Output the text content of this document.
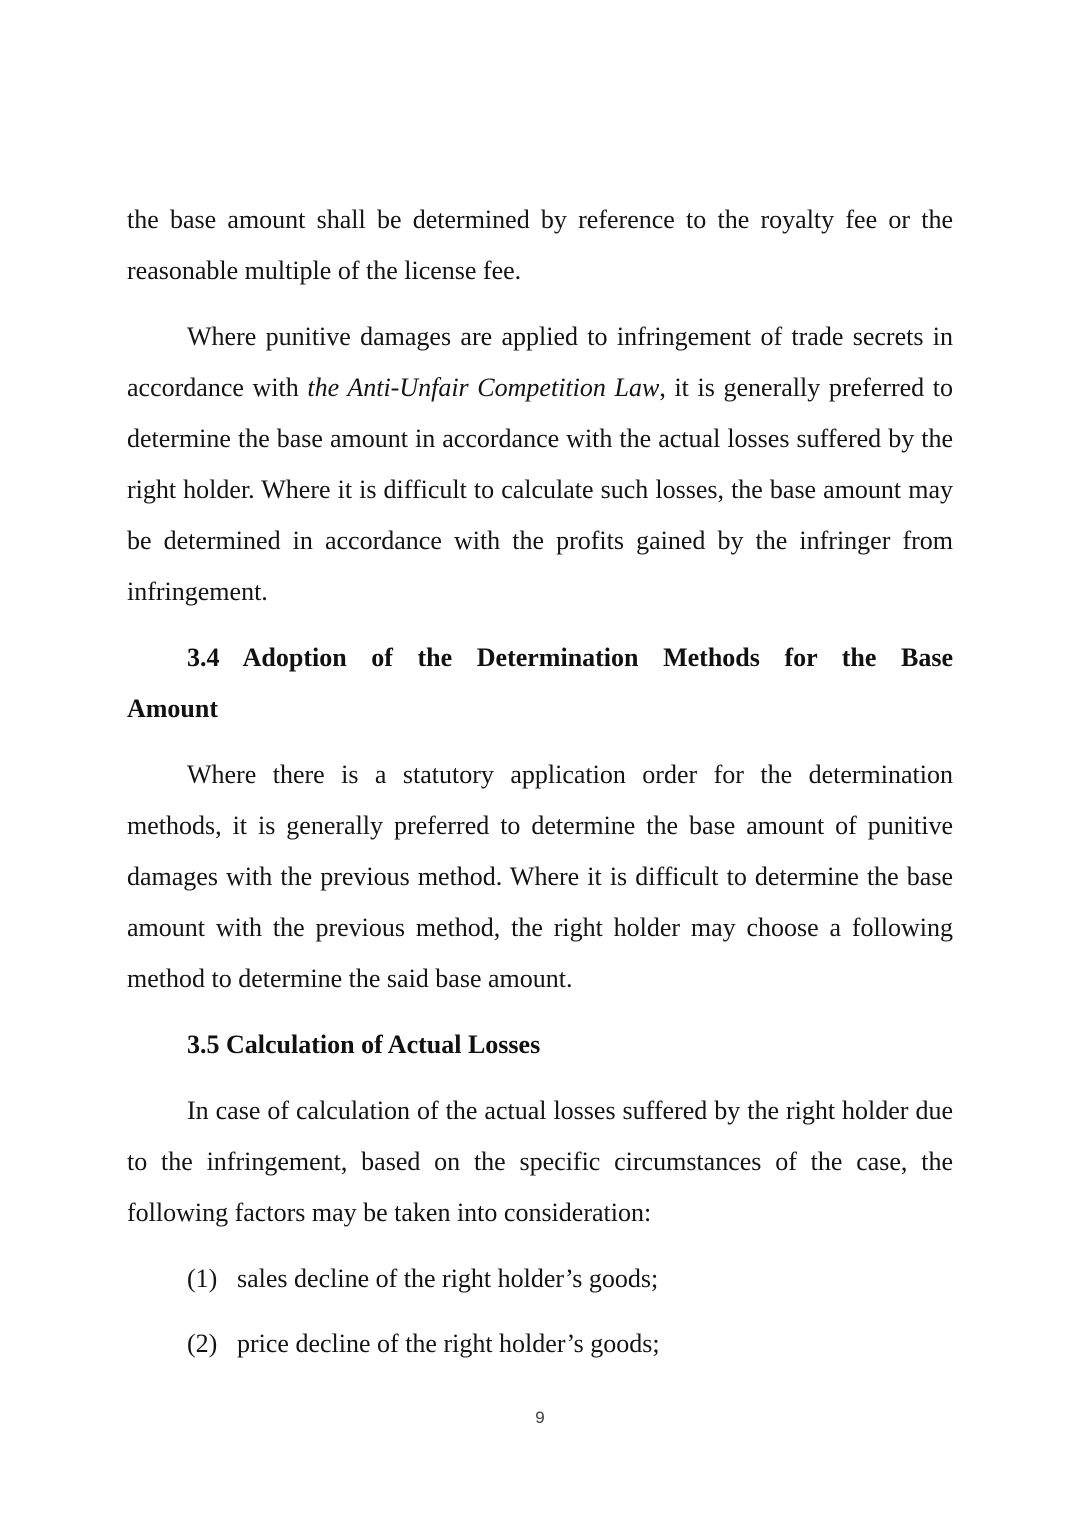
the base amount shall be determined by reference to the royalty fee or the reasonable multiple of the license fee.

Where punitive damages are applied to infringement of trade secrets in accordance with the Anti-Unfair Competition Law, it is generally preferred to determine the base amount in accordance with the actual losses suffered by the right holder. Where it is difficult to calculate such losses, the base amount may be determined in accordance with the profits gained by the infringer from infringement.

3.4 Adoption of the Determination Methods for the Base
Amount

Where there is a statutory application order for the determination methods, it is generally preferred to determine the base amount of punitive damages with the previous method. Where it is difficult to determine the base amount with the previous method, the right holder may choose a following method to determine the said base amount.

3.5 Calculation of Actual Losses

In case of calculation of the actual losses suffered by the right holder due to the infringement, based on the specific circumstances of the case, the following factors may be taken into consideration:

(1) sales decline of the right holder’s goods;
(2) price decline of the right holder’s goods;
9
